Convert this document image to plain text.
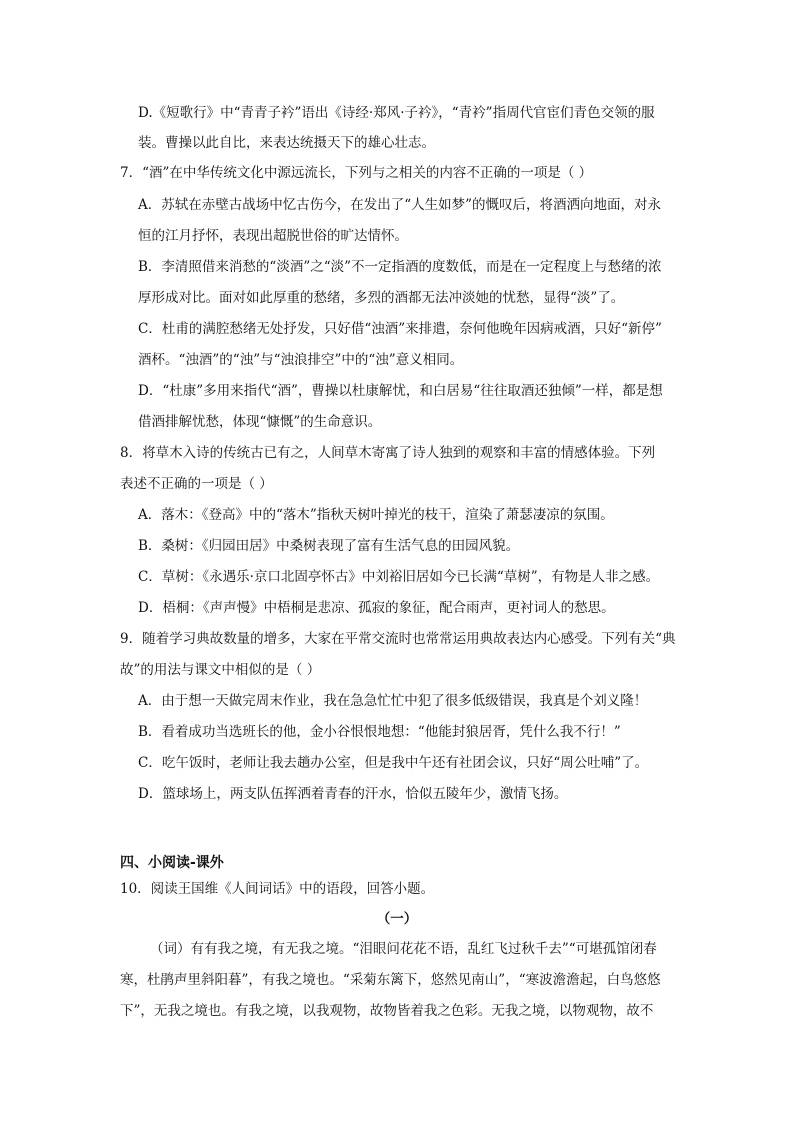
D.《短歌行》中“青青子衿”语出《诗经·郑风·子衿》，“青衿”指周代官宦们青色交领的服
装。曹操以此自比，来表达统摄天下的雄心壮志。
7．“酒”在中华传统文化中源远流长，下列与之相关的内容不正确的一项是（ ）
A．苏轼在赤壁古战场中忆古伤今，在发出了“人生如梦”的慨叹后，将酒洒向地面，对永
恒的江月抒怀，表现出超脱世俗的旷达情怀。
B．李清照借来消愁的“淡酒”之“淡”不一定指酒的度数低，而是在一定程度上与愁绪的浓
厚形成对比。面对如此厚重的愁绪，多烈的酒都无法冲淡她的忧愁，显得“淡”了。
C．杜甫的满腔愁绪无处抒发，只好借“浊酒”来排遣，奈何他晚年因病戒酒，只好“新停”
酒杯。“浊酒”的“浊”与“浊浪排空”中的“浊”意义相同。
D．“杜康”多用来指代“酒”，曹操以杜康解忧，和白居易“往往取酒还独倾”一样，都是想
借酒排解忧愁，体现“慷慨”的生命意识。
8．将草木入诗的传统古已有之，人间草木寄寓了诗人独到的观察和丰富的情感体验。下列
表述不正确的一项是（ ）
A．落木：《登高》中的“落木”指秋天树叶掉光的枝干，渲染了萧瑟凄凉的氛围。
B．桑树：《归园田居》中桑树表现了富有生活气息的田园风貌。
C．草树：《永遇乐·京口北固亭怀古》中刘裕旧居如今已长满“草树”，有物是人非之感。
D．梧桐：《声声慢》中梧桐是悲凉、孤寂的象征，配合雨声，更衬词人的愁思。
9．随着学习典故数量的增多，大家在平常交流时也常常运用典故表达内心感受。下列有关“典
故”的用法与课文中相似的是（ ）
A．由于想一天做完周末作业，我在急急忙忙中犯了很多低级错误，我真是个刘义隆！
B．看着成功当选班长的他，金小谷恨恨地想：“他能封狼居胥，凭什么我不行！”
C．吃午饭时，老师让我去趟办公室，但是我中午还有社团会议，只好“周公吐哺”了。
D．篮球场上，两支队伍挥洒着青春的汗水，恰似五陵年少，激情飞扬。
四、小阅读-课外
10．阅读王国维《人间词话》中的语段，回答小题。
（一）
（词）有有我之境，有无我之境。“泪眼问花花不语，乱红飞过秋千去”“可堪孤馆闭春
寒，杜鹃声里斜阳暮”，有我之境也。“采菊东篱下，悠然见南山”，“寒波澹澹起，白鸟悠悠
下”，无我之境也。有我之境，以我观物，故物皆着我之色彩。无我之境，以物观物，故不
